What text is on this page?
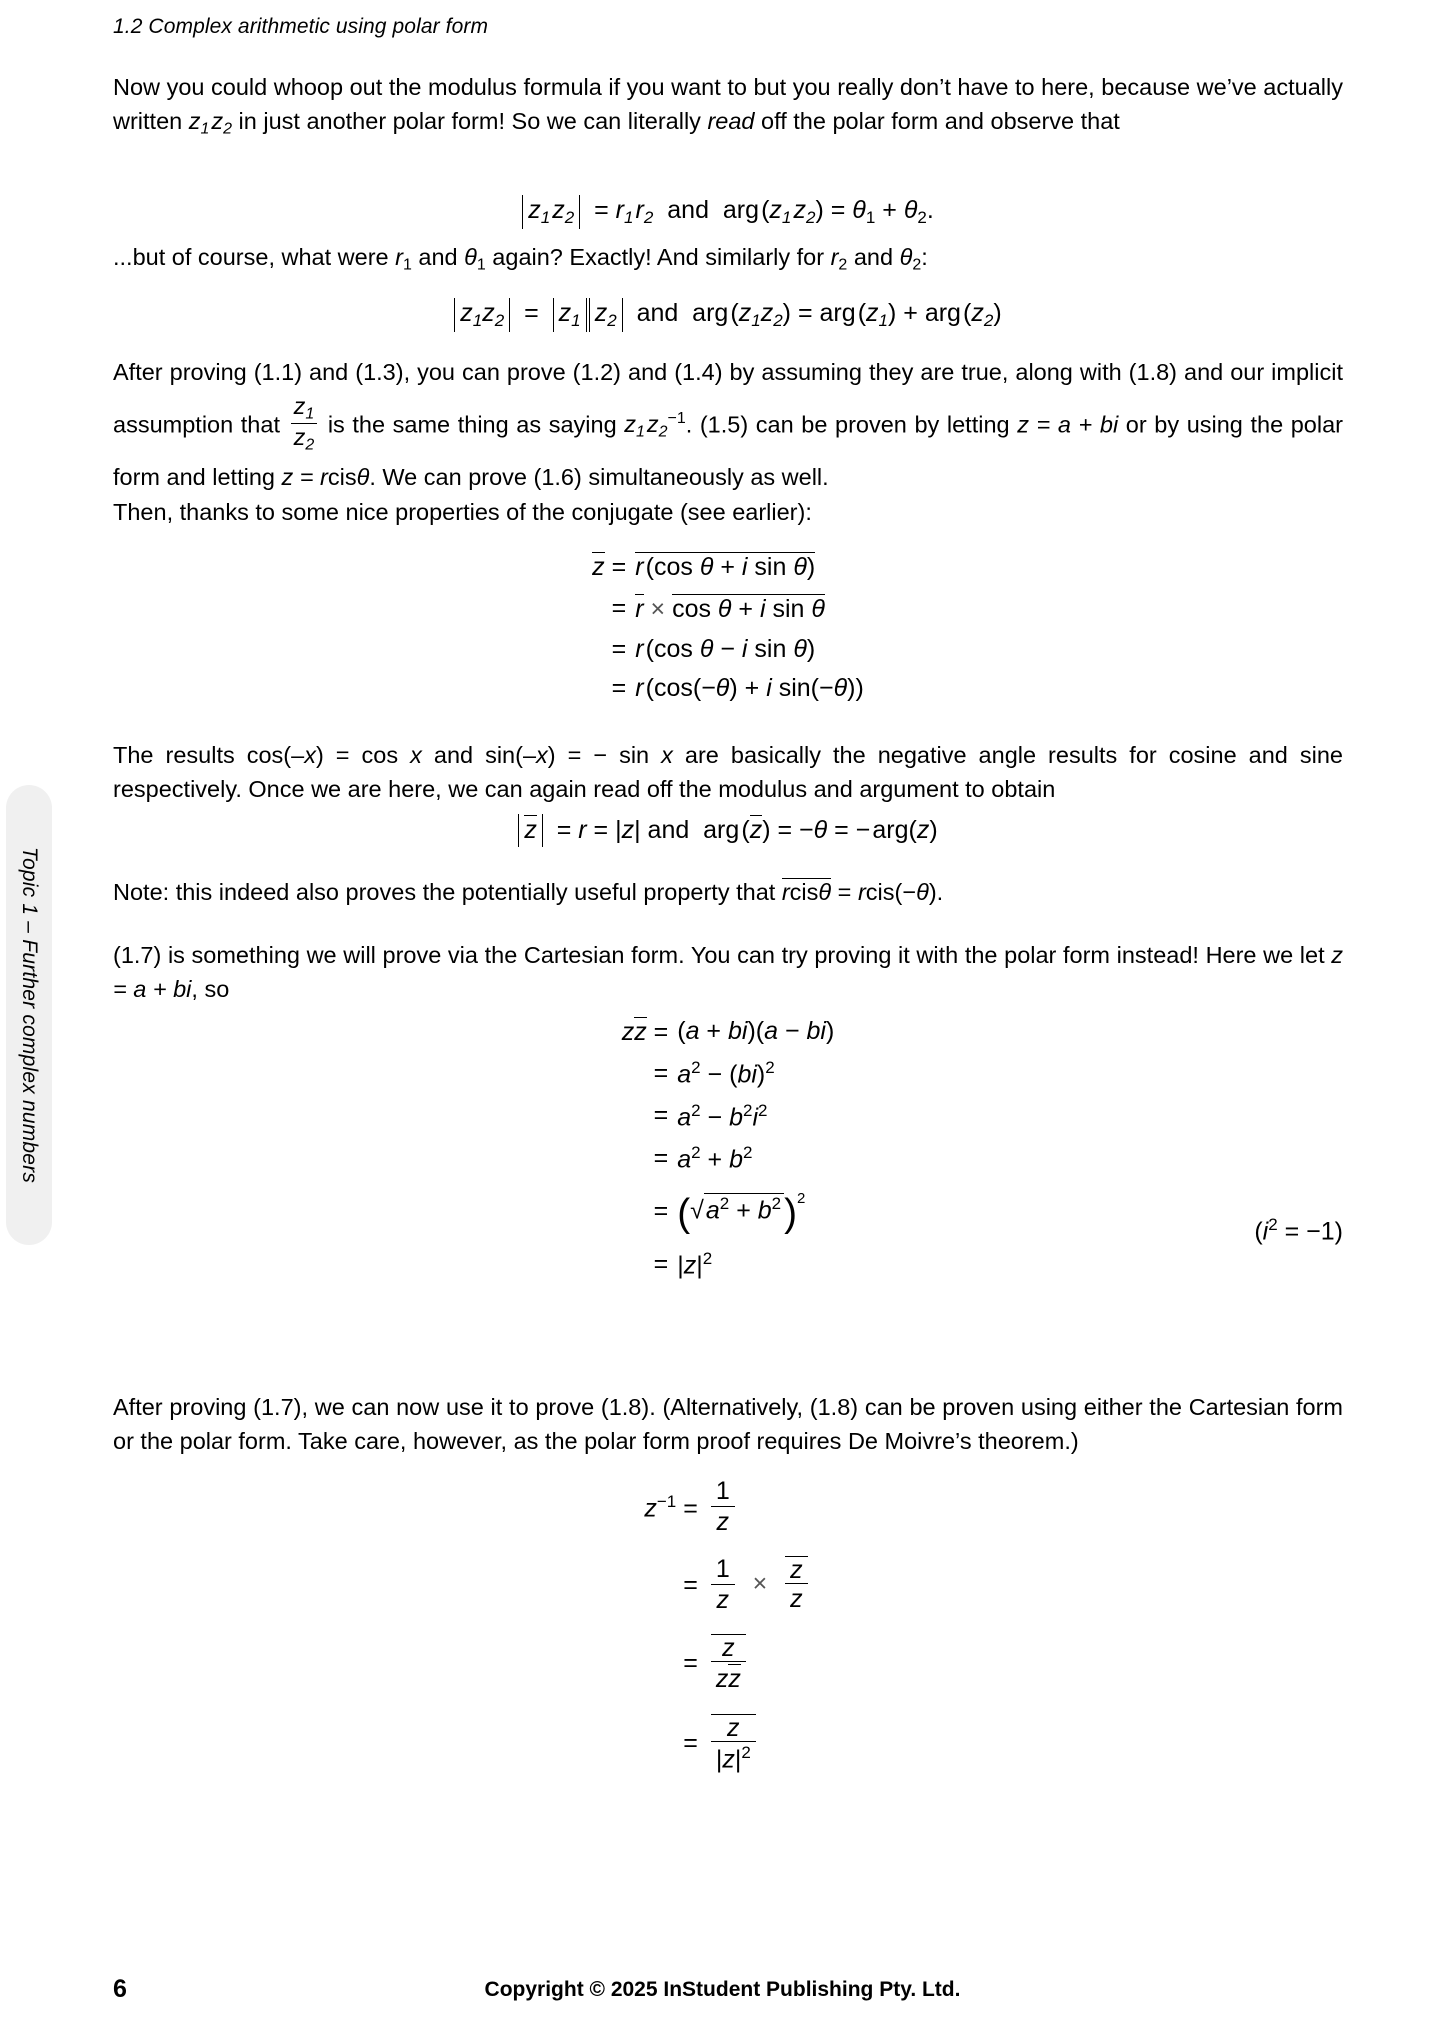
1.2 Complex arithmetic using polar form
Topic 1 – Further complex numbers

Now you could whoop out the modulus formula if you want to but you really don’t have to here, because we’ve actually written $z_1$ $z_2$ in just another polar form! So we can literally read off the polar form and observe that

$z_1$ $z_2 = r_1$ $r_2$  and  arg ($z_1$ $z_2) = \theta_1 + \theta_2$.

...but of course, what were $r_1$ and $\theta_1$ again? Exactly! And similarly for $r_2$ and $\theta_2$:

$z_1z_2 = z_1$  $z_2$  and  arg $(z_1z_2)$ = arg $(z_1)$ + arg $(z_2)$

After proving (1.1) and (1.3), you can prove (1.2) and (1.4) by assuming they are true, along with (1.8) and our implicit assumption that $\frac{z_1}{z_2}$ is the same thing as saying $z_1$ $z_2^{-1}$. (1.5) can be proven by letting z = a + bi or by using the polar form and letting z = rcisθ. We can prove (1.6) simultaneously as well.

Then, thanks to some nice properties of the conjugate (see earlier):

z =	r (cos θ + i sin θ)
=	r × cos θ + i sin θ
=	r (cos θ − i sin θ)
=	r (cos(−θ) + i sin(−θ))

The results cos(–x) = cos x and sin(–x) = − sin x are basically the negative angle results for cosine and sine respectively. Once we are here, we can again read off the modulus and argument to obtain

z  = r = |z| and  arg (z) = −θ = − arg(z)

Note: this indeed also proves the potentially useful property that rcisθ = rcis(−θ).

(1.7) is something we will prove via the Cartesian form. You can try proving it with the polar form instead! Here we let z = a + bi, so

zz =	(a + bi)(a − bi)
=	$a^2 - (bi)^2$
=	$a^2 - b^2i^2$
=	$a^2 + b^2$
=	$(√a^2 + b^2)^2$
=	$|z|^2$
$(i^2 = -1)$

After proving (1.7), we can now use it to prove (1.8). (Alternatively, (1.8) can be proven using either the Cartesian form or the polar form. Take care, however, as the polar form proof requires De Moivre’s theorem.)

$z^{-1}$ =	$\frac{1}{z}$

=	$\frac{1}{z} \times \frac{z}{z}$

=	$\frac{z}{zz}$

=	$\frac{z}{|z|^2}$
6	Copyright © 2025 InStudent Publishing Pty. Ltd.
